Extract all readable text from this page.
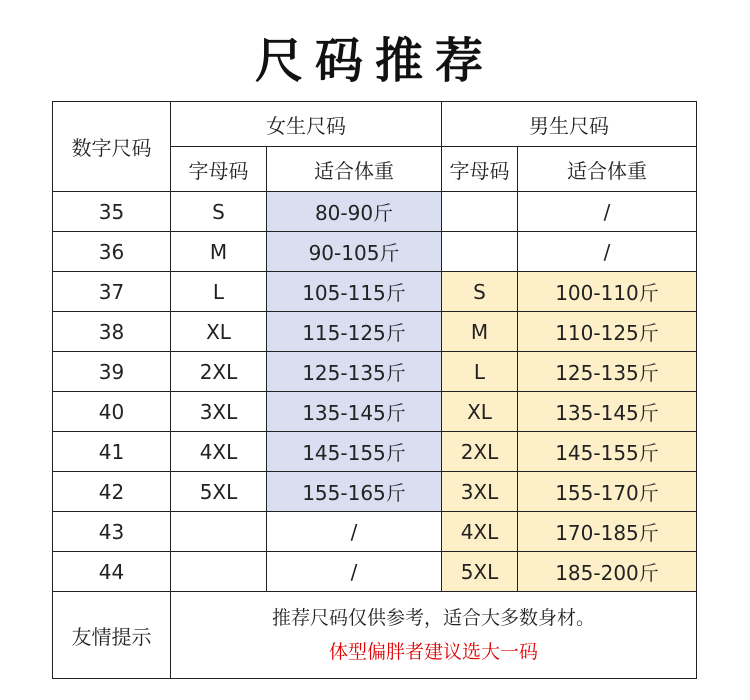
尺码推荐
数字尺码	女生尺码		男生尺码	
	字母码	适合体重	字母码	适合体重
35	S	80-90斤		/
36	M	90-105斤		/
37	L	105-115斤	S	100-110斤
38	XL	115-125斤	M	110-125斤
39	2XL	125-135斤	L	125-135斤
40	3XL	135-145斤	XL	135-145斤
41	4XL	145-155斤	2XL	145-155斤
42	5XL	155-165斤	3XL	155-170斤
43		/	4XL	170-185斤
44		/	5XL	185-200斤
友情提示	推荐尺码仅供参考，适合大多数身材。
体型偏胖者建议选大一码			
